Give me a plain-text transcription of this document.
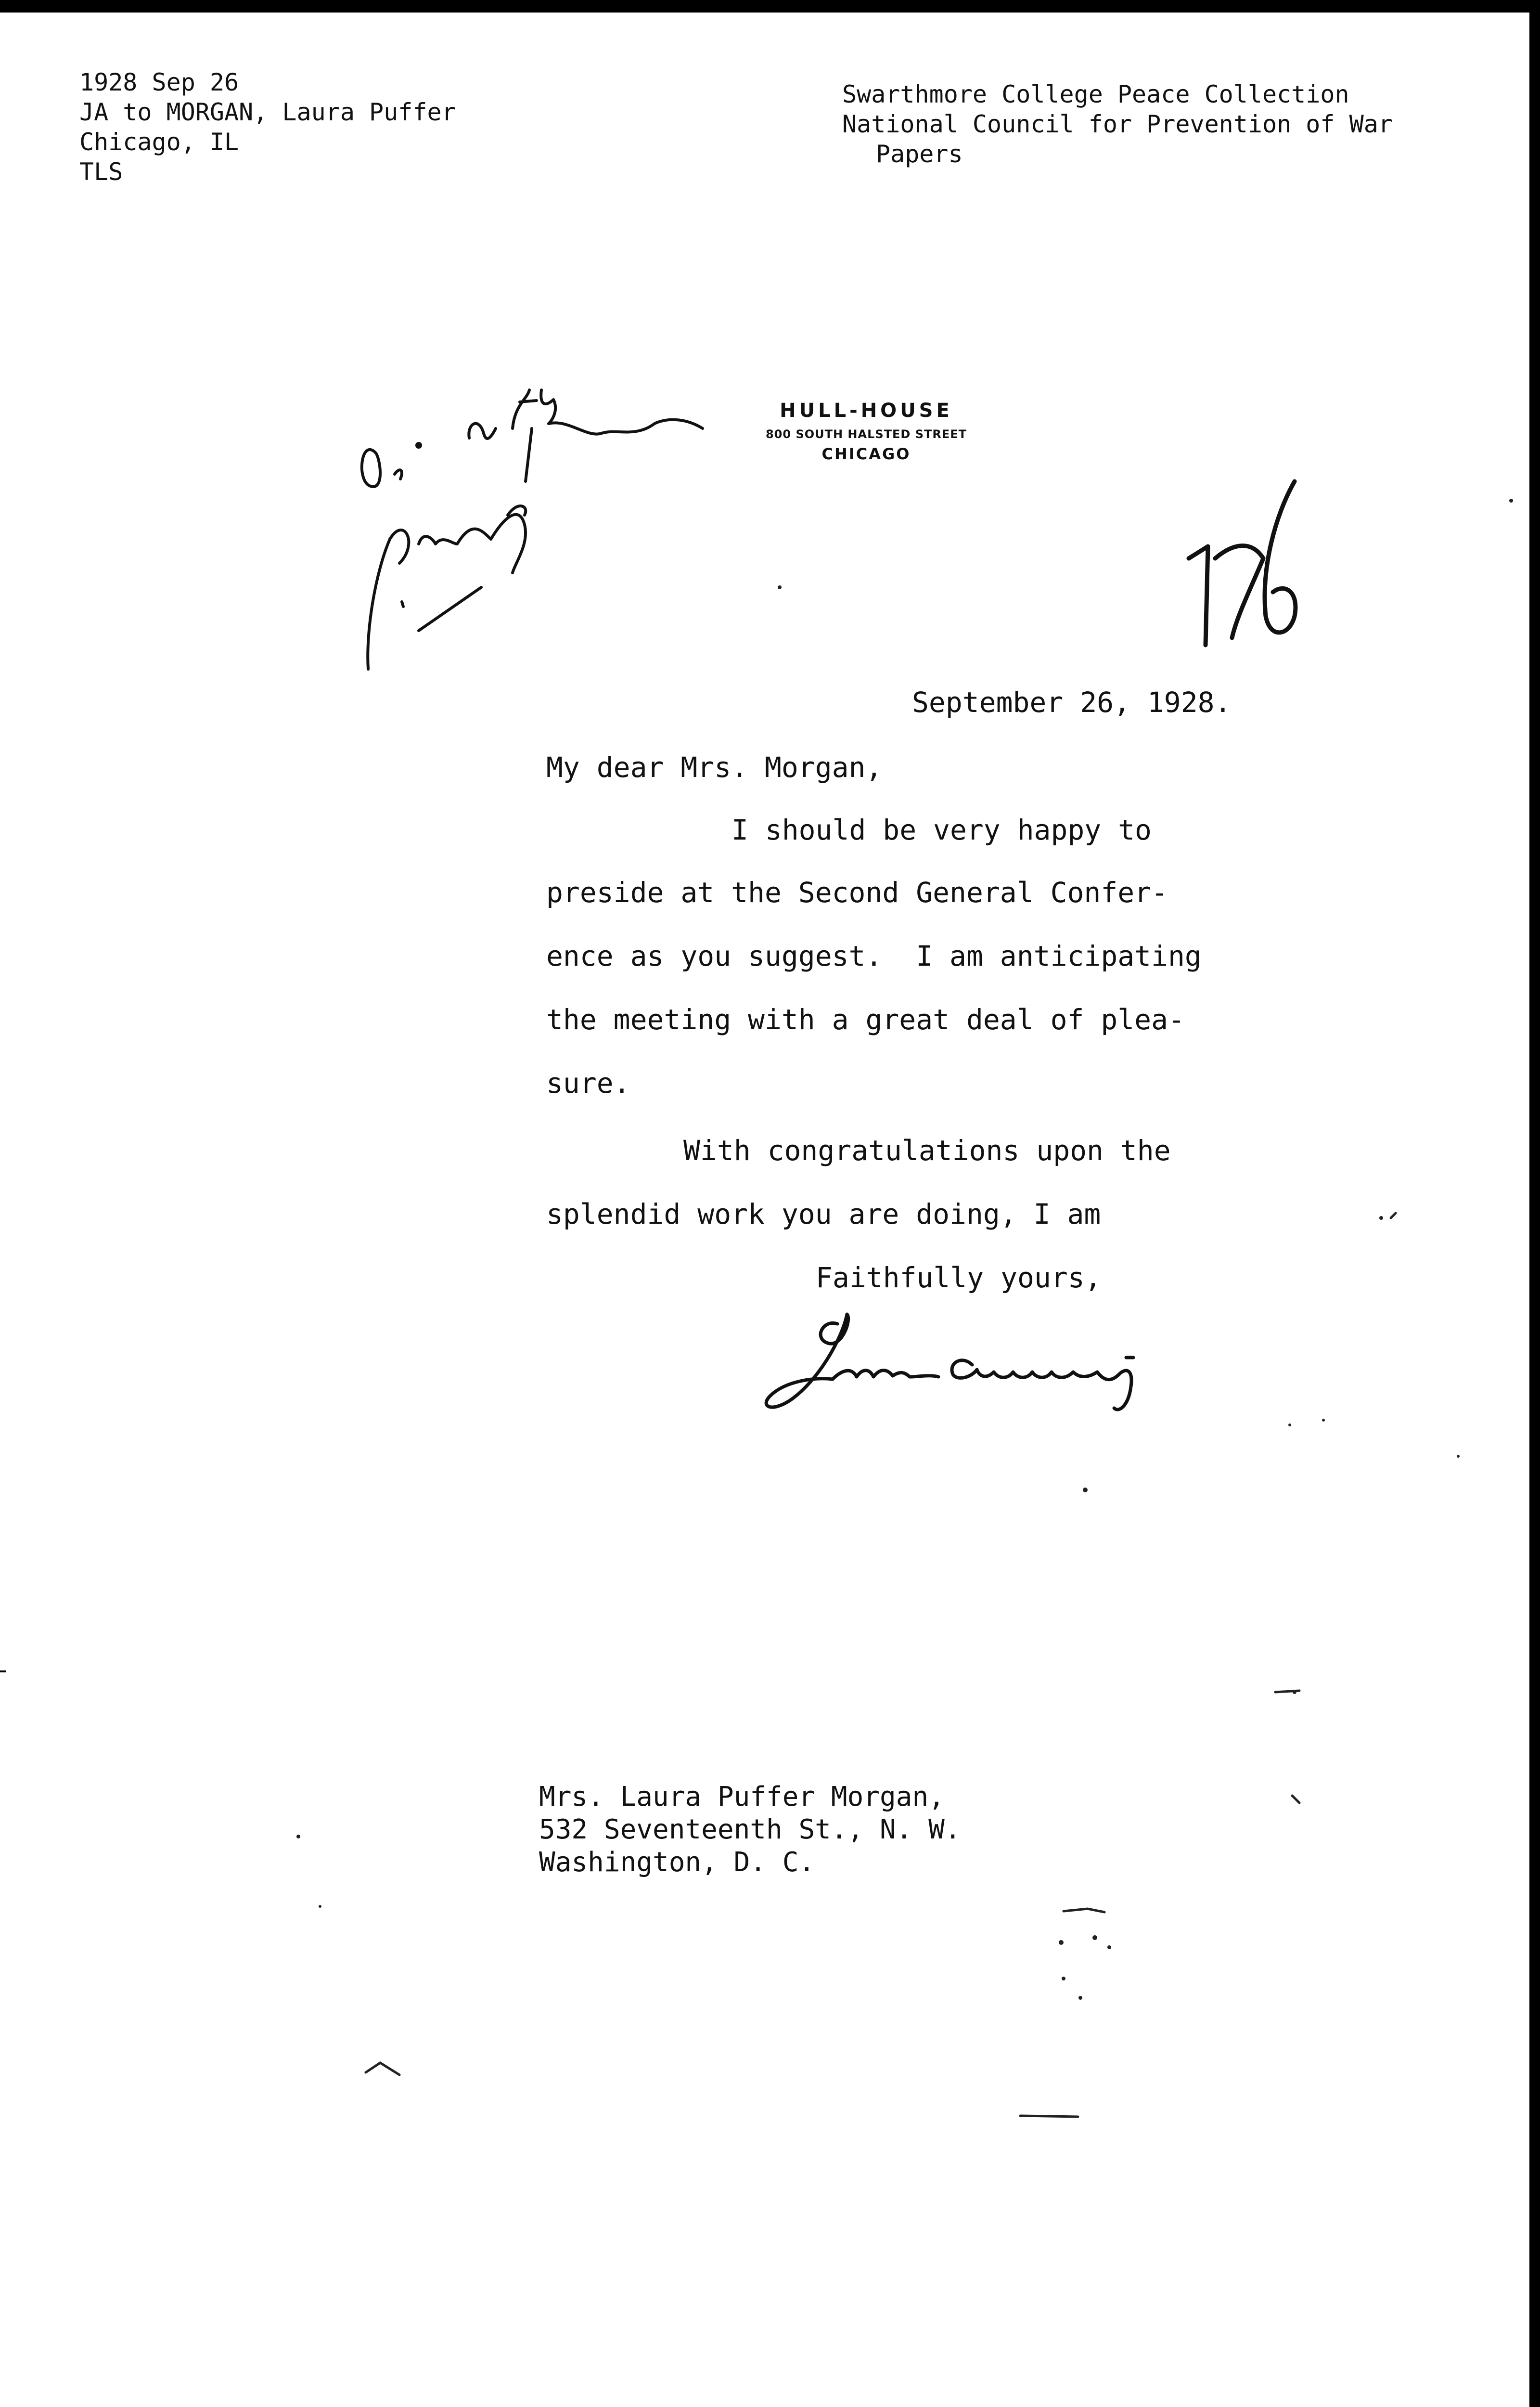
1928 Sep 26
JA to MORGAN, Laura Puffer
Chicago, IL
TLS
Swarthmore College Peace Collection
National Council for Prevention of War
Papers
HULL-HOUSE
800 SOUTH HALSTED STREET
CHICAGO
September 26, 1928.
My dear Mrs. Morgan,
I should be very happy to
preside at the Second General Confer-
ence as you suggest.  I am anticipating
the meeting with a great deal of plea-
sure.
With congratulations upon the
splendid work you are doing, I am
Faithfully yours,
Mrs. Laura Puffer Morgan,
532 Seventeenth St., N. W.
Washington, D. C.
